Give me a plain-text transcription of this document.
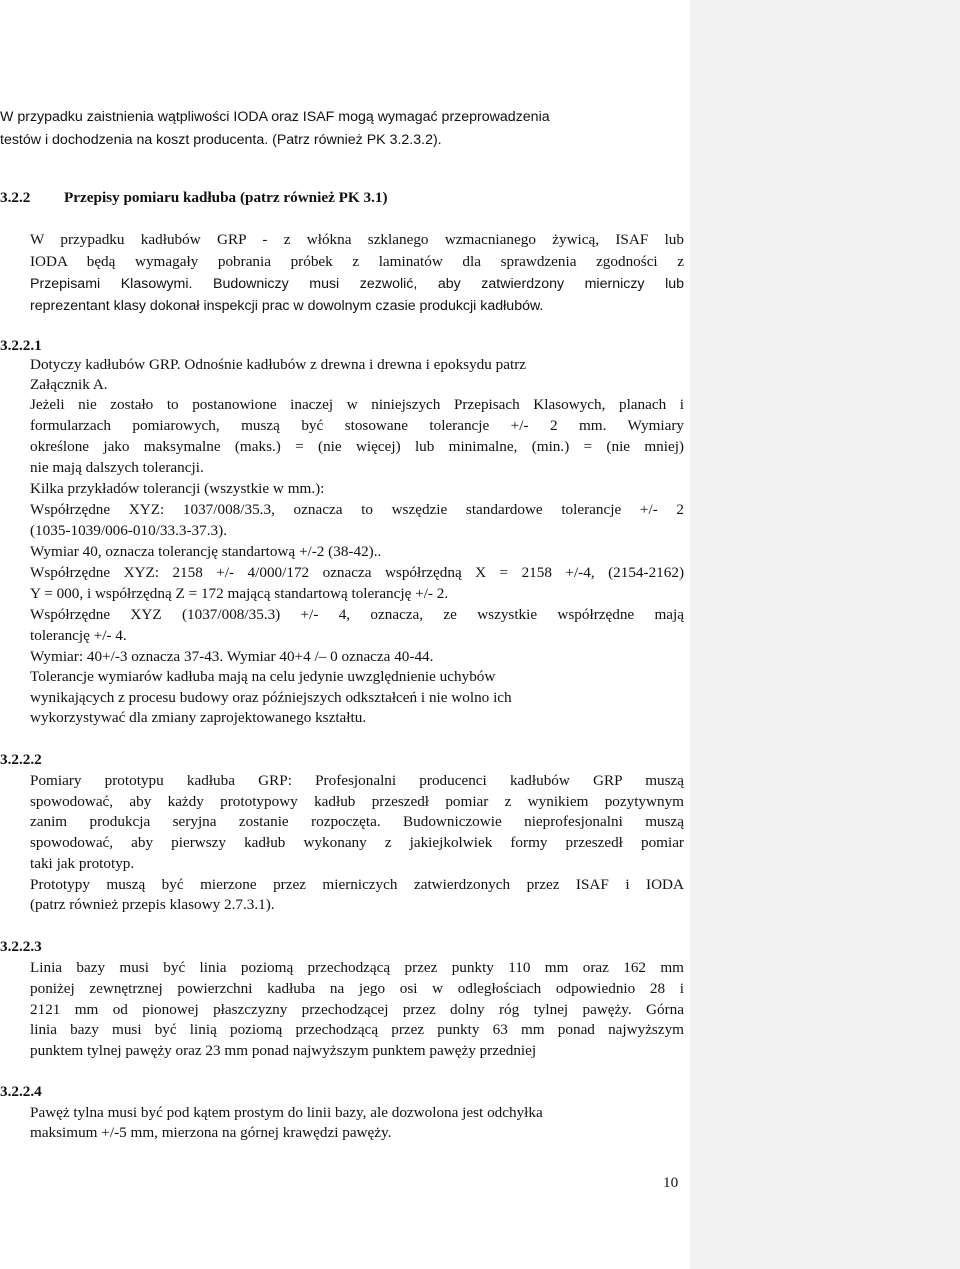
W przypadku zaistnienia wątpliwości IODA oraz ISAF mogą wymagać przeprowadzenia
testów i dochodzenia na koszt producenta. (Patrz również PK 3.2.3.2).
3.2.2 Przepisy pomiaru kadłuba (patrz również PK 3.1)
W przypadku kadłubów GRP - z włókna szklanego wzmacnianego żywicą, ISAF lub
IODA będą wymagały pobrania próbek z laminatów dla sprawdzenia zgodności z
Przepisami Klasowymi. Budowniczy musi zezwolić, aby zatwierdzony mierniczy lub
reprezentant klasy dokonał inspekcji prac w dowolnym czasie produkcji kadłubów.
3.2.2.1
Dotyczy kadłubów GRP. Odnośnie kadłubów z drewna i drewna i epoksydu patrz
Załącznik A.
Jeżeli nie zostało to postanowione inaczej w niniejszych Przepisach Klasowych, planach i
formularzach pomiarowych, muszą być stosowane tolerancje +/- 2 mm. Wymiary
określone jako maksymalne (maks.) = (nie więcej) lub minimalne, (min.) = (nie mniej)
nie mają dalszych tolerancji.
Kilka przykładów tolerancji (wszystkie w mm.):
Współrzędne XYZ: 1037/008/35.3, oznacza to wszędzie standardowe tolerancje +/- 2
(1035-1039/006-010/33.3-37.3).
Wymiar 40, oznacza tolerancję standartową +/-2 (38-42)..
Współrzędne XYZ: 2158 +/- 4/000/172 oznacza współrzędną X = 2158 +/-4, (2154-2162)
Y = 000, i współrzędną Z = 172 mającą standartową tolerancję +/- 2.
Współrzędne XYZ (1037/008/35.3) +/- 4, oznacza, ze wszystkie współrzędne mają
tolerancję +/- 4.
Wymiar: 40+/-3 oznacza 37-43. Wymiar 40+4 /– 0 oznacza 40-44.
Tolerancje wymiarów kadłuba mają na celu jedynie uwzględnienie uchybów
wynikających z procesu budowy oraz późniejszych odkształceń i nie wolno ich
wykorzystywać dla zmiany zaprojektowanego kształtu.
3.2.2.2
Pomiary prototypu kadłuba GRP: Profesjonalni producenci kadłubów GRP muszą
spowodować, aby każdy prototypowy kadłub przeszedł pomiar z wynikiem pozytywnym
zanim produkcja seryjna zostanie rozpoczęta. Budowniczowie nieprofesjonalni muszą
spowodować, aby pierwszy kadłub wykonany z jakiejkolwiek formy przeszedł pomiar
taki jak prototyp.
Prototypy muszą być mierzone przez mierniczych zatwierdzonych przez ISAF i IODA
(patrz również przepis klasowy 2.7.3.1).
3.2.2.3
Linia bazy musi być linia poziomą przechodzącą przez punkty 110 mm oraz 162 mm
poniżej zewnętrznej powierzchni kadłuba na jego osi w odległościach odpowiednio 28 i
2121 mm od pionowej płaszczyzny przechodzącej przez dolny róg tylnej pawęży. Górna
linia bazy musi być linią poziomą przechodzącą przez punkty 63 mm ponad najwyższym
punktem tylnej pawęży oraz 23 mm ponad najwyższym punktem pawęży przedniej
3.2.2.4
Pawęż tylna musi być pod kątem prostym do linii bazy, ale dozwolona jest odchyłka
maksimum +/-5 mm, mierzona na górnej krawędzi pawęży.
10
